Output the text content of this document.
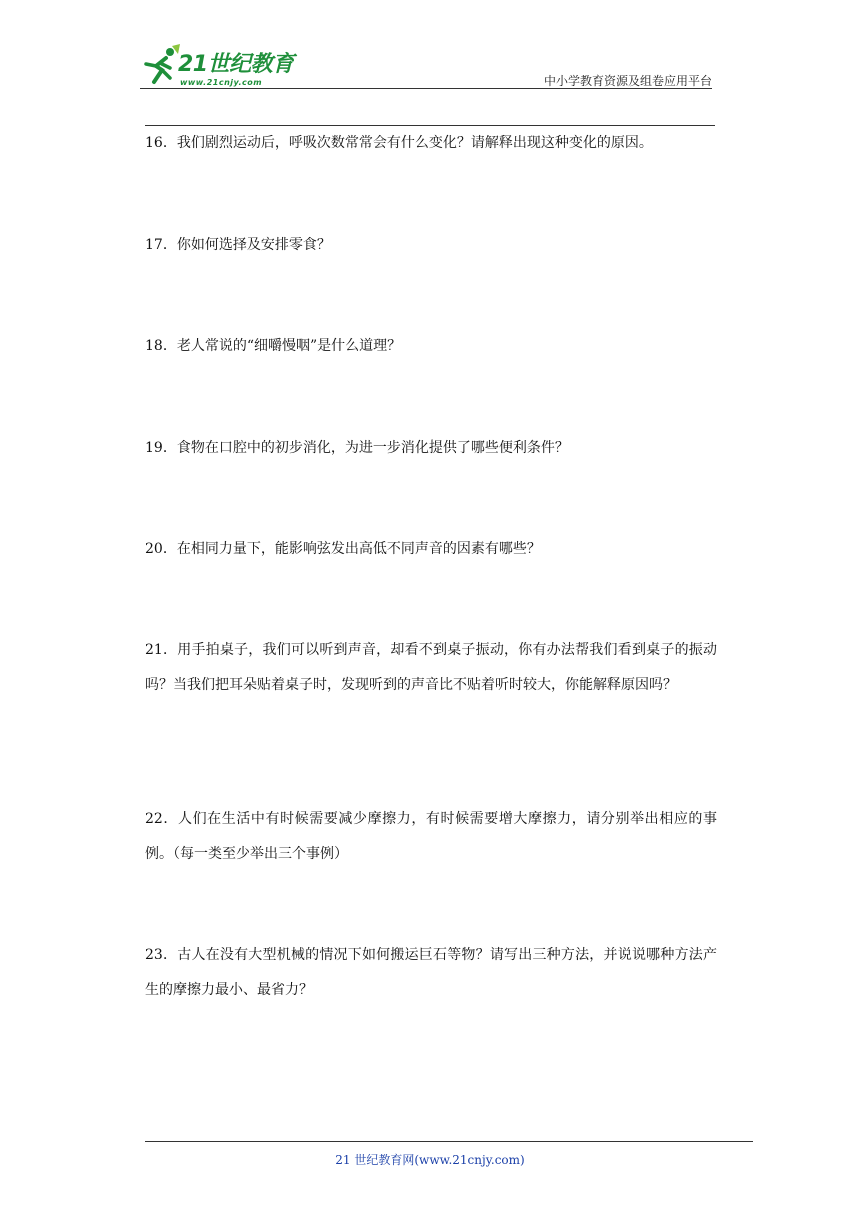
21世纪教育
www.21cnjy.com	中小学教育资源及组卷应用平台

16．我们剧烈运动后，呼吸次数常常会有什么变化？请解释出现这种变化的原因。

17．你如何选择及安排零食？

18．老人常说的“细嚼慢咽”是什么道理？

19．食物在口腔中的初步消化，为进一步消化提供了哪些便利条件？

20．在相同力量下，能影响弦发出高低不同声音的因素有哪些？

21．用手拍桌子，我们可以听到声音，却看不到桌子振动，你有办法帮我们看到桌子的振动吗？当我们把耳朵贴着桌子时，发现听到的声音比不贴着听时较大，你能解释原因吗？

22．人们在生活中有时候需要减少摩擦力，有时候需要增大摩擦力，请分别举出相应的事例。（每一类至少举出三个事例）

23．古人在没有大型机械的情况下如何搬运巨石等物？请写出三种方法，并说说哪种方法产生的摩擦力最小、最省力？

21 世纪教育网(www.21cnjy.com)
